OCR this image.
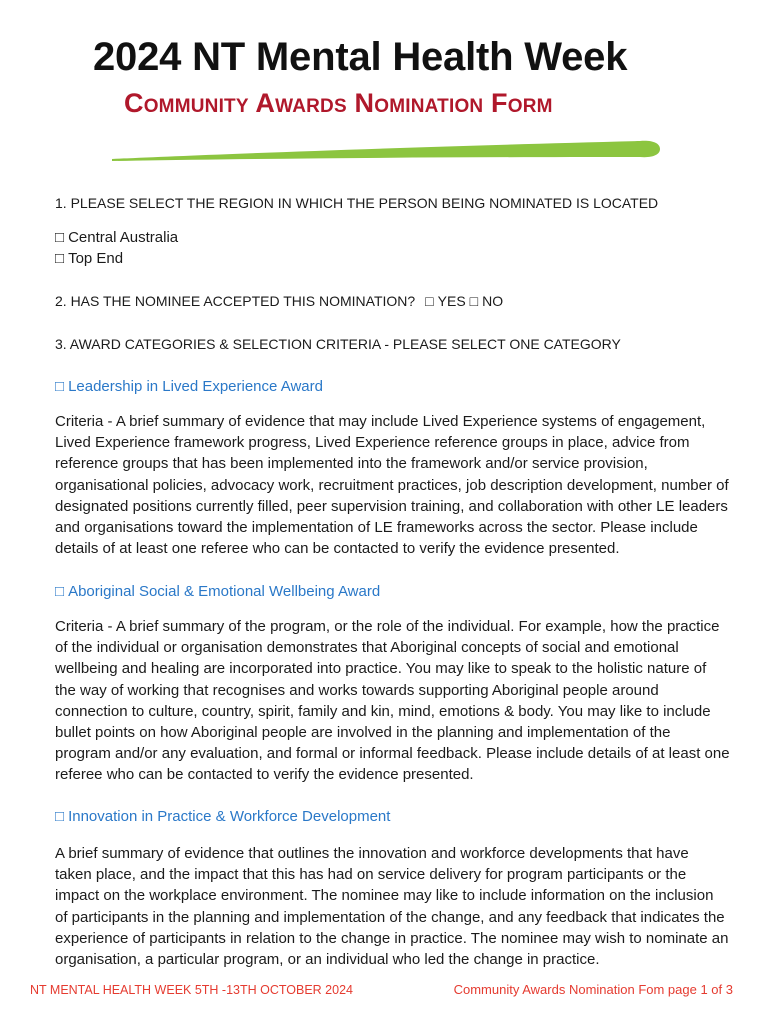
2024 NT Mental Health Week
Community Awards Nomination Form
1. PLEASE SELECT THE REGION IN WHICH THE PERSON BEING NOMINATED IS LOCATED
□ Central Australia
□ Top End
2. HAS THE NOMINEE ACCEPTED THIS NOMINATION? □ YES □ NO
3. AWARD CATEGORIES & SELECTION CRITERIA - PLEASE SELECT ONE CATEGORY
□ Leadership in Lived Experience Award
Criteria - A brief summary of evidence that may include Lived Experience systems of engagement,
Lived Experience framework progress, Lived Experience reference groups in place, advice from
reference groups that has been implemented into the framework and/or service provision,
organisational policies, advocacy work, recruitment practices, job description development, number of
designated positions currently filled, peer supervision training, and collaboration with other LE leaders
and organisations toward the implementation of LE frameworks across the sector. Please include
details of at least one referee who can be contacted to verify the evidence presented.
□ Aboriginal Social & Emotional Wellbeing Award
Criteria - A brief summary of the program, or the role of the individual. For example, how the practice
of the individual or organisation demonstrates that Aboriginal concepts of social and emotional
wellbeing and healing are incorporated into practice. You may like to speak to the holistic nature of
the way of working that recognises and works towards supporting Aboriginal people around
connection to culture, country, spirit, family and kin, mind, emotions & body. You may like to include
bullet points on how Aboriginal people are involved in the planning and implementation of the
program and/or any evaluation, and formal or informal feedback. Please include details of at least one
referee who can be contacted to verify the evidence presented.
□ Innovation in Practice & Workforce Development
A brief summary of evidence that outlines the innovation and workforce developments that have
taken place, and the impact that this has had on service delivery for program participants or the
impact on the workplace environment. The nominee may like to include information on the inclusion
of participants in the planning and implementation of the change, and any feedback that indicates the
experience of participants in relation to the change in practice. The nominee may wish to nominate an
organisation, a particular program, or an individual who led the change in practice.
NT MENTAL HEALTH WEEK 5TH -13TH OCTOBER 2024	Community Awards Nomination Fom page 1 of 3
